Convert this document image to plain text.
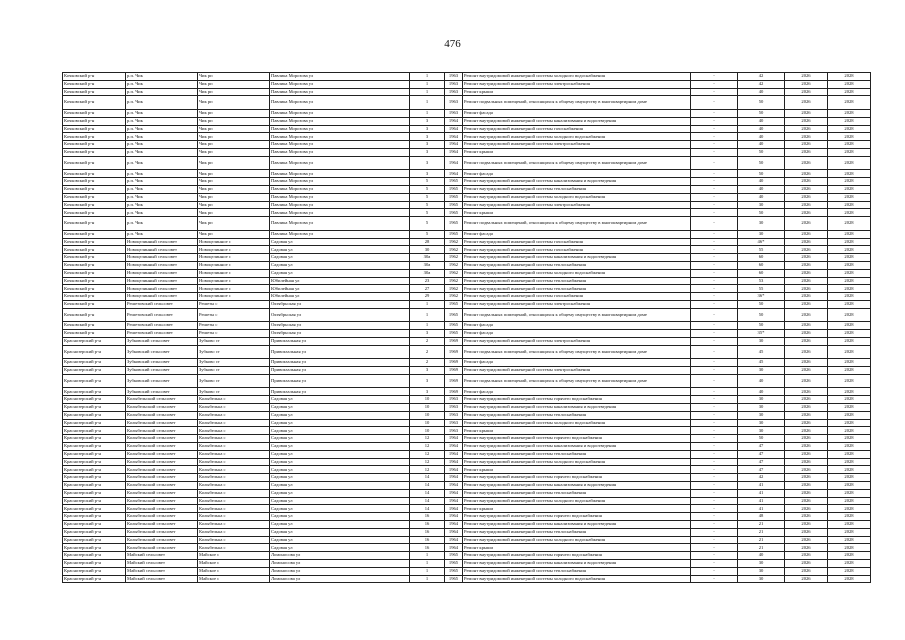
476
Кочковский р-н	р.п. Чик	Чик рп	Павлика Морозова ул	1	1963	Ремонт внутридомовой инженерной системы холодного водоснабжения	-	42	2026	2028
Кочковский р-н	р.п. Чик	Чик рп	Павлика Морозова ул	1	1963	Ремонт внутридомовой инженерной системы электроснабжения	-	42	2026	2028
Кочковский р-н	р.п. Чик	Чик рп	Павлика Морозова ул	1	1963	Ремонт крыши	-	40	2026	2028
Кочковский р-н	р.п. Чик	Чик рп	Павлика Морозова ул	1	1963	Ремонт подвальных помещений, относящихся к общему имуществу в многоквартирном доме	-	50	2026	2028
Кочковский р-н	р.п. Чик	Чик рп	Павлика Морозова ул	1	1963	Ремонт фасада	-	50	2026	2028
Кочковский р-н	р.п. Чик	Чик рп	Павлика Морозова ул	3	1964	Ремонт внутридомовой инженерной системы канализования и водоотведения	-	40	2026	2028
Кочковский р-н	р.п. Чик	Чик рп	Павлика Морозова ул	3	1964	Ремонт внутридомовой инженерной системы газоснабжения	-	40	2026	2028
Кочковский р-н	р.п. Чик	Чик рп	Павлика Морозова ул	3	1964	Ремонт внутридомовой инженерной системы холодного водоснабжения	-	40	2026	2028
Кочковский р-н	р.п. Чик	Чик рп	Павлика Морозова ул	3	1964	Ремонт внутридомовой инженерной системы электроснабжения	-	40	2026	2028
Кочковский р-н	р.п. Чик	Чик рп	Павлика Морозова ул	3	1964	Ремонт крыши	-	50	2026	2028
Кочковский р-н	р.п. Чик	Чик рп	Павлика Морозова ул	3	1964	Ремонт подвальных помещений, относящихся к общему имуществу в многоквартирном доме	-	50	2026	2028
Кочковский р-н	р.п. Чик	Чик рп	Павлика Морозова ул	3	1964	Ремонт фасада	-	50	2026	2028
Кочковский р-н	р.п. Чик	Чик рп	Павлика Морозова ул	5	1965	Ремонт внутридомовой инженерной системы канализования и водоотведения	-	40	2026	2028
Кочковский р-н	р.п. Чик	Чик рп	Павлика Морозова ул	5	1965	Ремонт внутридомовой инженерной системы теплоснабжения	-	40	2026	2028
Кочковский р-н	р.п. Чик	Чик рп	Павлика Морозова ул	5	1965	Ремонт внутридомовой инженерной системы холодного водоснабжения	-	40	2026	2028
Кочковский р-н	р.п. Чик	Чик рп	Павлика Морозова ул	5	1965	Ремонт внутридомовой инженерной системы электроснабжения	-	30	2026	2028
Кочковский р-н	р.п. Чик	Чик рп	Павлика Морозова ул	5	1965	Ремонт крыши	-	50	2026	2028
Кочковский р-н	р.п. Чик	Чик рп	Павлика Морозова ул	5	1965	Ремонт подвальных помещений, относящихся к общему имуществу в многоквартирном доме	-	30	2026	2028
Кочковский р-н	р.п. Чик	Чик рп	Павлика Морозова ул	5	1965	Ремонт фасада	-	30	2026	2028
Кочковский р-н	Новоцелинный сельсовет	Новоцелинное с	Садовая ул	28	1962	Ремонт внутридомовой инженерной системы газоснабжения	-	46*	2026	2028
Кочковский р-н	Новоцелинный сельсовет	Новоцелинное с	Садовая ул	30	1962	Ремонт внутридомовой инженерной системы газоснабжения	-	55	2026	2028
Кочковский р-н	Новоцелинный сельсовет	Новоцелинное с	Садовая ул	30а	1962	Ремонт внутридомовой инженерной системы канализования и водоотведения	-	60	2026	2028
Кочковский р-н	Новоцелинный сельсовет	Новоцелинное с	Садовая ул	30а	1962	Ремонт внутридомовой инженерной системы теплоснабжения	-	60	2026	2028
Кочковский р-н	Новоцелинный сельсовет	Новоцелинное с	Садовая ул	30а	1962	Ремонт внутридомовой инженерной системы холодного водоснабжения	-	60	2026	2028
Кочковский р-н	Новоцелинный сельсовет	Новоцелинное с	Юбилейная ул	23	1962	Ремонт внутридомовой инженерной системы теплоснабжения	-	53	2026	2028
Кочковский р-н	Новоцелинный сельсовет	Новоцелинное с	Юбилейная ул	27	1962	Ремонт внутридомовой инженерной системы теплоснабжения	-	55	2026	2028
Кочковский р-н	Новоцелинный сельсовет	Новоцелинное с	Юбилейная ул	29	1962	Ремонт внутридомовой инженерной системы газоснабжения	-	36*	2026	2028
Кочковский р-н	Решетовский сельсовет	Решеты с	Октябрьская ул	1	1965	Ремонт внутридомовой инженерной системы электроснабжения	-	50	2026	2028
Кочковский р-н	Решетовский сельсовет	Решеты с	Октябрьская ул	1	1965	Ремонт подвальных помещений, относящихся к общему имуществу в многоквартирном доме	-	50	2026	2028
Кочковский р-н	Решетовский сельсовет	Решеты с	Октябрьская ул	1	1965	Ремонт фасада	-	50	2026	2028
Кочковский р-н	Решетовский сельсовет	Решеты с	Октябрьская ул	3	1965	Ремонт фасада	-	35*	2026	2028
Краснозерский р-н	Зубковский сельсовет	Зубково ст	Привокзальная ул	2	1969	Ремонт внутридомовой инженерной системы электроснабжения	-	30	2026	2028
Краснозерский р-н	Зубковский сельсовет	Зубково ст	Привокзальная ул	2	1969	Ремонт подвальных помещений, относящихся к общему имуществу в многоквартирном доме	-	45	2026	2028
Краснозерский р-н	Зубковский сельсовет	Зубково ст	Привокзальная ул	2	1969	Ремонт фасада	-	45	2026	2028
Краснозерский р-н	Зубковский сельсовет	Зубково ст	Привокзальная ул	3	1969	Ремонт внутридомовой инженерной системы электроснабжения	-	30	2026	2028
Краснозерский р-н	Зубковский сельсовет	Зубково ст	Привокзальная ул	3	1969	Ремонт подвальных помещений, относящихся к общему имуществу в многоквартирном доме	-	40	2026	2028
Краснозерский р-н	Зубковский сельсовет	Зубково ст	Привокзальная ул	3	1969	Ремонт фасада	-	40	2026	2028
Краснозерский р-н	Колыбельский сельсовет	Колыбелька с	Садовая ул	10	1963	Ремонт внутридомовой инженерной системы горячего водоснабжения	-	30	2026	2028
Краснозерский р-н	Колыбельский сельсовет	Колыбелька с	Садовая ул	10	1963	Ремонт внутридомовой инженерной системы канализования и водоотведения	-	30	2026	2028
Краснозерский р-н	Колыбельский сельсовет	Колыбелька с	Садовая ул	10	1963	Ремонт внутридомовой инженерной системы теплоснабжения	-	30	2026	2028
Краснозерский р-н	Колыбельский сельсовет	Колыбелька с	Садовая ул	10	1963	Ремонт внутридомовой инженерной системы холодного водоснабжения	-	30	2026	2028
Краснозерский р-н	Колыбельский сельсовет	Колыбелька с	Садовая ул	10	1963	Ремонт крыши	-	30	2026	2028
Краснозерский р-н	Колыбельский сельсовет	Колыбелька с	Садовая ул	12	1964	Ремонт внутридомовой инженерной системы горячего водоснабжения	-	50	2026	2028
Краснозерский р-н	Колыбельский сельсовет	Колыбелька с	Садовая ул	12	1964	Ремонт внутридомовой инженерной системы канализования и водоотведения	-	47	2026	2028
Краснозерский р-н	Колыбельский сельсовет	Колыбелька с	Садовая ул	12	1964	Ремонт внутридомовой инженерной системы теплоснабжения	-	47	2026	2028
Краснозерский р-н	Колыбельский сельсовет	Колыбелька с	Садовая ул	12	1964	Ремонт внутридомовой инженерной системы холодного водоснабжения	-	47	2026	2028
Краснозерский р-н	Колыбельский сельсовет	Колыбелька с	Садовая ул	12	1964	Ремонт крыши	-	47	2026	2028
Краснозерский р-н	Колыбельский сельсовет	Колыбелька с	Садовая ул	14	1964	Ремонт внутридомовой инженерной системы горячего водоснабжения	-	42	2026	2028
Краснозерский р-н	Колыбельский сельсовет	Колыбелька с	Садовая ул	14	1964	Ремонт внутридомовой инженерной системы канализования и водоотведения	-	41	2026	2028
Краснозерский р-н	Колыбельский сельсовет	Колыбелька с	Садовая ул	14	1964	Ремонт внутридомовой инженерной системы теплоснабжения	-	41	2026	2028
Краснозерский р-н	Колыбельский сельсовет	Колыбелька с	Садовая ул	14	1964	Ремонт внутридомовой инженерной системы холодного водоснабжения	-	41	2026	2028
Краснозерский р-н	Колыбельский сельсовет	Колыбелька с	Садовая ул	14	1964	Ремонт крыши	-	41	2026	2028
Краснозерский р-н	Колыбельский сельсовет	Колыбелька с	Садовая ул	16	1964	Ремонт внутридомовой инженерной системы горячего водоснабжения	-	48	2026	2028
Краснозерский р-н	Колыбельский сельсовет	Колыбелька с	Садовая ул	16	1964	Ремонт внутридомовой инженерной системы канализования и водоотведения	-	21	2026	2028
Краснозерский р-н	Колыбельский сельсовет	Колыбелька с	Садовая ул	16	1964	Ремонт внутридомовой инженерной системы теплоснабжения	-	21	2026	2028
Краснозерский р-н	Колыбельский сельсовет	Колыбелька с	Садовая ул	16	1964	Ремонт внутридомовой инженерной системы холодного водоснабжения	-	21	2026	2028
Краснозерский р-н	Колыбельский сельсовет	Колыбелька с	Садовая ул	16	1964	Ремонт крыши	-	21	2026	2028
Краснозерский р-н	Майский сельсовет	Майское с	Ломоносова ул	1	1965	Ремонт внутридомовой инженерной системы горячего водоснабжения	-	40	2026	2028
Краснозерский р-н	Майский сельсовет	Майское с	Ломоносова ул	1	1965	Ремонт внутридомовой инженерной системы канализования и водоотведения	-	30	2026	2028
Краснозерский р-н	Майский сельсовет	Майское с	Ломоносова ул	1	1965	Ремонт внутридомовой инженерной системы теплоснабжения	-	30	2026	2028
Краснозерский р-н	Майский сельсовет	Майское с	Ломоносова ул	1	1965	Ремонт внутридомовой инженерной системы холодного водоснабжения	-	30	2026	2028
